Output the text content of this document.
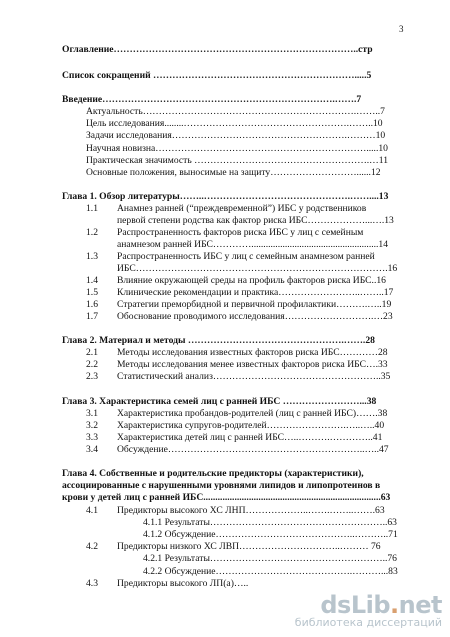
3
Оглавление…………………………………………………………………..стр
Список сокращений ……………………………………………………….....5
Введение……………………………………………………………….…….7
Актуальность………………………………………………………….……..7
Цель исследования........…………………………………………….……..10
Задачи исследования……………………………………………….………10
Научная новизна………………………………………………………….....10
Практическая значимость ……………………………………………….…11
Основные положения, выносимые на защиту………………………......12
Глава 1. Обзор литературы……..……………………………………….……....13
1.1 Анамнез ранней (“преждевременной”) ИБС у родственников
первой степени родства как фактор риска ИБС………………...….13
1.2 Распространенность факторов риска ИБС у лиц с семейным
анамнезом ранней ИБС………….....................................................14
1.3 Распространенность ИБС у лиц с семейным анамнезом ранней
ИБС…………………………………………………………………….16
1.4 Влияние окружающей среды на профиль факторов риска ИБС..16
1.5 Клинические рекомендации и практика……………………..……..17
1.6 Стратегии преморбидной и первичной профилактики……….…..19
1.7 Обоснование проводимого исследования……………………….…23
Глава 2. Материал и методы ………………………………………….…….28
2.1 Методы исследования известных факторов риска ИБС…………28
2.2 Методы исследования менее известных факторов риска ИБС….33
2.3 Статистический анализ……………………………………………..35
Глава 3. Характеристика семей лиц с ранней ИБС ……………………...38
3.1 Характеристика пробандов-родителей (лиц с ранней ИБС)…….38
3.2 Характеристика супругов-родителей…………………….…..…..40
3.3 Характеристика детей лиц с ранней ИБС…..……….…………..41
3.4 Обсуждение……………………………………………………..…..47
Глава 4. Собственные и родительские предикторы (характеристики),
ассоциированные с нарушенными уровнями липидов и липопротеинов в
крови у детей лиц с ранней ИБС..........................................................................63
4.1 Предикторы высокого ХС ЛНП………………..…….……..…….63
4.1.1 Результаты………………………………………………..63
4.1.2 Обсуждение……………………………………..………..71
4.2 Предикторы низкого ХС ЛВП…………………………..……… 76
4.2.1 Результаты………………………………………………..76
4.2.2 Обсуждение…………………………………….………...83
4.3 Предикторы высокого ЛП(а)…..
dsLib.net
библиотека диссертаций
